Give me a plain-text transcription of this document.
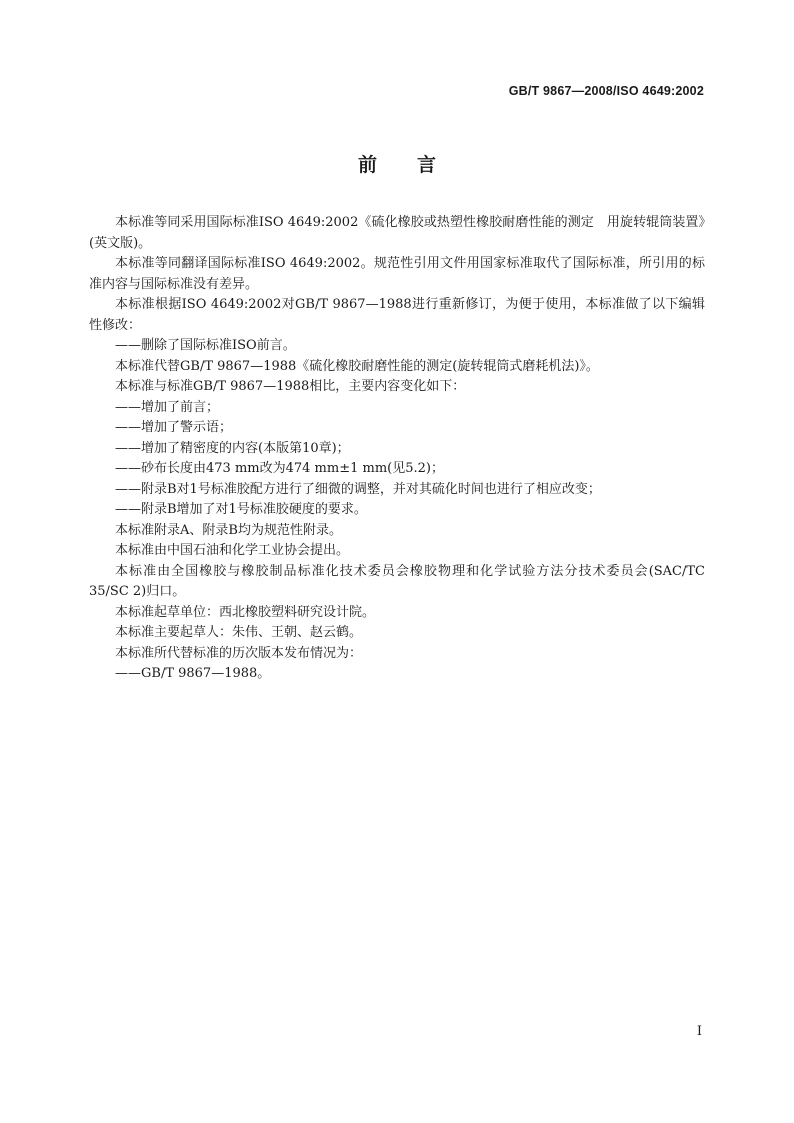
GB/T 9867—2008/ISO 4649:2002
前言

本标准等同采用国际标准ISO 4649:2002《硫化橡胶或热塑性橡胶耐磨性能的测定　用旋转辊筒装置》(英文版)。

本标准等同翻译国际标准ISO 4649:2002。规范性引用文件用国家标准取代了国际标准，所引用的标准内容与国际标准没有差异。

本标准根据ISO 4649:2002对GB/T 9867—1988进行重新修订，为便于使用，本标准做了以下编辑性修改：

——删除了国际标准ISO前言。

本标准代替GB/T 9867—1988《硫化橡胶耐磨性能的测定(旋转辊筒式磨耗机法)》。

本标准与标准GB/T 9867—1988相比，主要内容变化如下：

——增加了前言；

——增加了警示语；

——增加了精密度的内容(本版第10章)；

——砂布长度由473 mm改为474 mm±1 mm(见5.2)；

——附录B对1号标准胶配方进行了细微的调整，并对其硫化时间也进行了相应改变；

——附录B增加了对1号标准胶硬度的要求。

本标准附录A、附录B均为规范性附录。

本标准由中国石油和化学工业协会提出。

本标准由全国橡胶与橡胶制品标准化技术委员会橡胶物理和化学试验方法分技术委员会(SAC/TC 35/SC 2)归口。

本标准起草单位：西北橡胶塑料研究设计院。

本标准主要起草人：朱伟、王朝、赵云鹤。

本标准所代替标准的历次版本发布情况为：

——GB/T 9867—1988。

I
